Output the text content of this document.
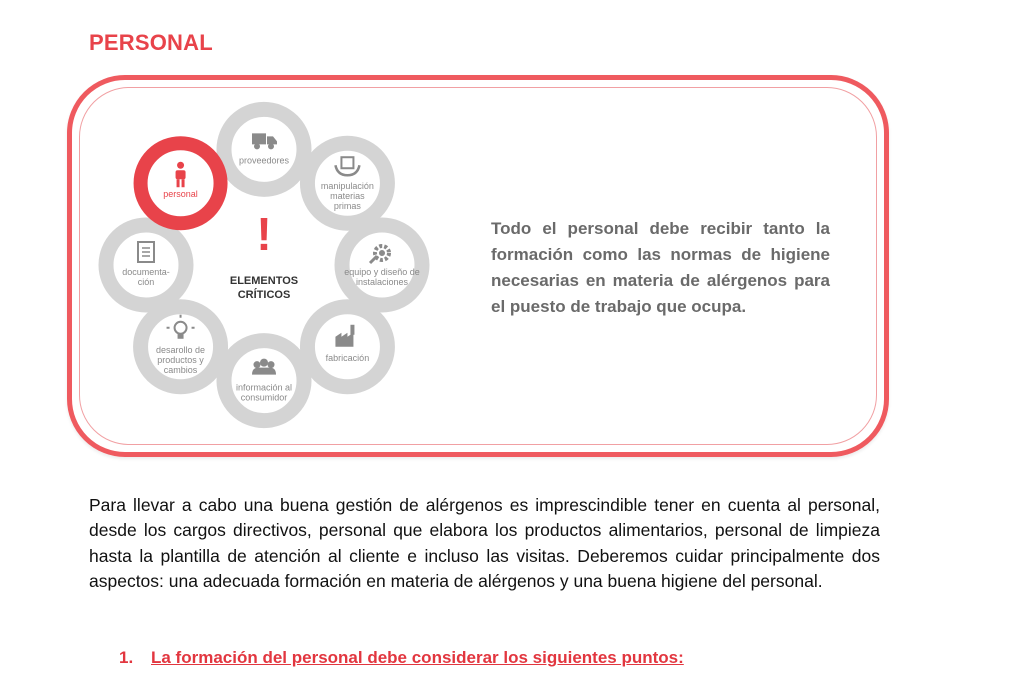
PERSONAL
!
ELEMENTOS
CRÍTICOS
proveedores
manipulación
materias
primas
equipo y diseño de
instalaciones
fabricación
información al
consumidor
desarollo de
productos y
cambios
documenta-
ción
personal
Todo el personal debe recibir tanto la formación como las normas de higiene necesarias en materia de alérgenos para el puesto de trabajo que ocupa.
Para llevar a cabo una buena gestión de alérgenos es imprescindible tener en cuenta al personal, desde los cargos directivos, personal que elabora los productos alimentarios, personal de limpieza hasta la plantilla de atención al cliente e incluso las visitas. Deberemos cuidar principalmente dos aspectos: una adecuada formación en materia de alérgenos y una buena higiene del personal.
1. La formación del personal debe considerar los siguientes puntos:
